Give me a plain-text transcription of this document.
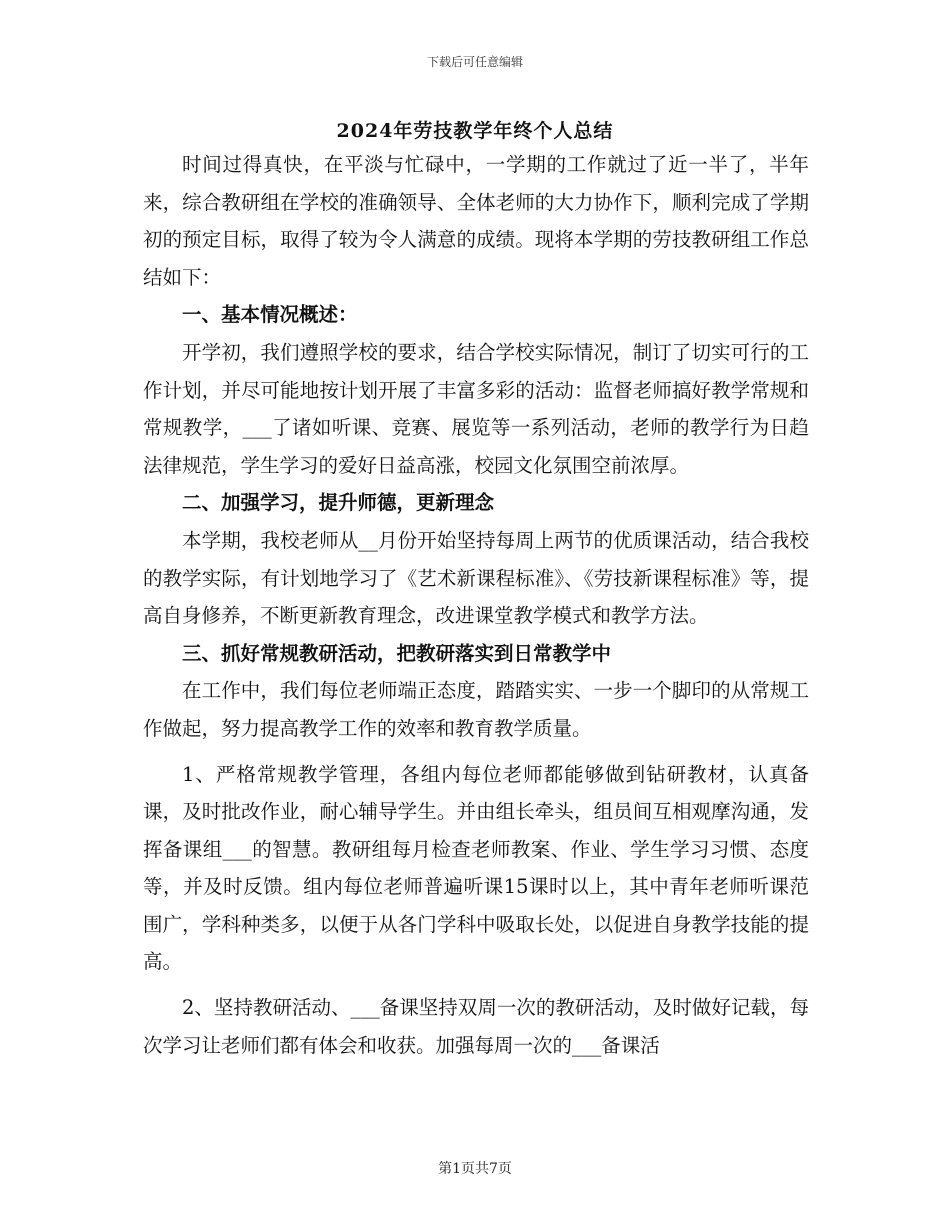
下载后可任意编辑
2024年劳技教学年终个人总结

时间过得真快，在平淡与忙碌中，一学期的工作就过了近一半了，半年来，综合教研组在学校的准确领导、全体老师的大力协作下，顺利完成了学期初的预定目标，取得了较为令人满意的成绩。现将本学期的劳技教研组工作总结如下：

一、基本情况概述：

开学初，我们遵照学校的要求，结合学校实际情况，制订了切实可行的工作计划，并尽可能地按计划开展了丰富多彩的活动：监督老师搞好教学常规和常规教学，___了诸如听课、竞赛、展览等一系列活动，老师的教学行为日趋法律规范，学生学习的爱好日益高涨，校园文化氛围空前浓厚。

二、加强学习，提升师德，更新理念

本学期，我校老师从__月份开始坚持每周上两节的优质课活动，结合我校的教学实际，有计划地学习了《艺术新课程标准》、《劳技新课程标准》等，提高自身修养，不断更新教育理念，改进课堂教学模式和教学方法。

三、抓好常规教研活动，把教研落实到日常教学中

在工作中，我们每位老师端正态度，踏踏实实、一步一个脚印的从常规工作做起，努力提高教学工作的效率和教育教学质量。

1、严格常规教学管理，各组内每位老师都能够做到钻研教材，认真备课，及时批改作业，耐心辅导学生。并由组长牵头，组员间互相观摩沟通，发挥备课组___的智慧。教研组每月检查老师教案、作业、学生学习习惯、态度等，并及时反馈。组内每位老师普遍听课15课时以上，其中青年老师听课范围广，学科种类多，以便于从各门学科中吸取长处，以促进自身教学技能的提高。

2、坚持教研活动、___备课坚持双周一次的教研活动，及时做好记载，每次学习让老师们都有体会和收获。加强每周一次的___备课活

第1页共7页
